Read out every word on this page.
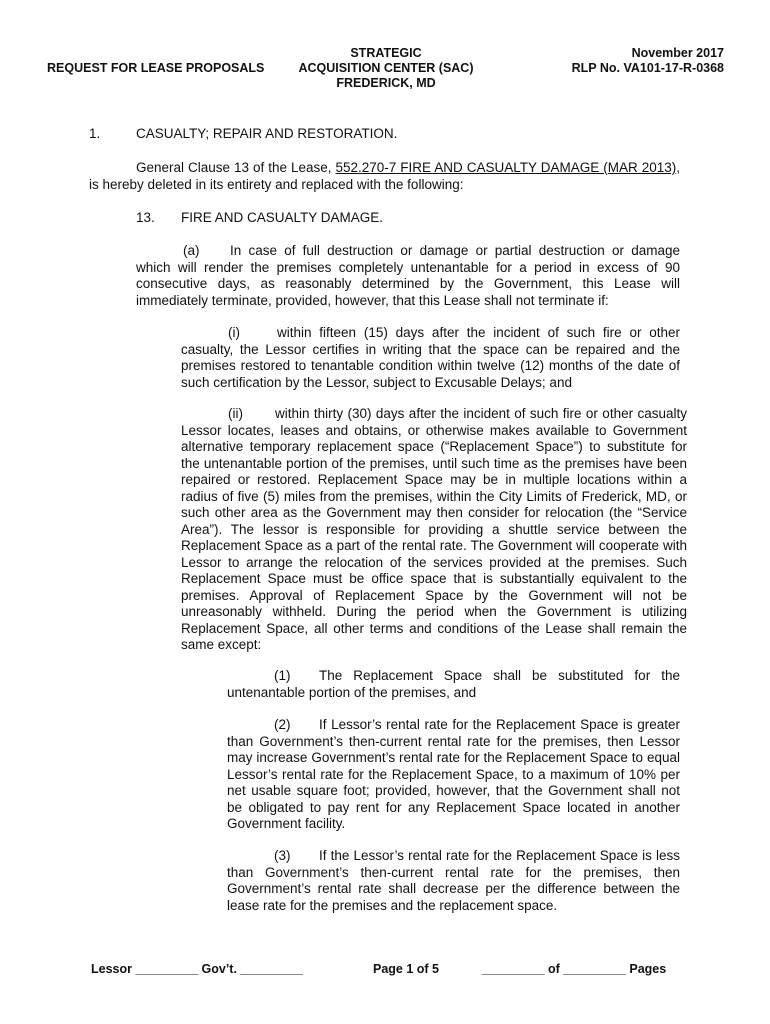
REQUEST FOR LEASE PROPOSALS
STRATEGIC
ACQUISITION CENTER (SAC)
FREDERICK, MD
November 2017
RLP No. VA101-17-R-0368
1.	CASUALTY; REPAIR AND RESTORATION.
General Clause 13 of the Lease, 552.270-7 FIRE AND CASUALTY DAMAGE (MAR 2013), is hereby deleted in its entirety and replaced with the following:
13. FIRE AND CASUALTY DAMAGE.
(a) In case of full destruction or damage or partial destruction or damage which will render the premises completely untenantable for a period in excess of 90 consecutive days, as reasonably determined by the Government, this Lease will immediately terminate, provided, however, that this Lease shall not terminate if:
(i)	within fifteen (15) days after the incident of such fire or other casualty, the Lessor certifies in writing that the space can be repaired and the premises restored to tenantable condition within twelve (12) months of the date of such certification by the Lessor, subject to Excusable Delays; and
(ii) within thirty (30) days after the incident of such fire or other casualty Lessor locates, leases and obtains, or otherwise makes available to Government alternative temporary replacement space (“Replacement Space”) to substitute for the untenantable portion of the premises, until such time as the premises have been repaired or restored. Replacement Space may be in multiple locations within a radius of five (5) miles from the premises, within the City Limits of Frederick, MD, or such other area as the Government may then consider for relocation (the “Service Area”). The lessor is responsible for providing a shuttle service between the Replacement Space as a part of the rental rate. The Government will cooperate with Lessor to arrange the relocation of the services provided at the premises. Such Replacement Space must be office space that is substantially equivalent to the premises. Approval of Replacement Space by the Government will not be unreasonably withheld. During the period when the Government is utilizing Replacement Space, all other terms and conditions of the Lease shall remain the same except:
(1) The Replacement Space shall be substituted for the untenantable portion of the premises, and
(2) If Lessor’s rental rate for the Replacement Space is greater than Government’s then-current rental rate for the premises, then Lessor may increase Government’s rental rate for the Replacement Space to equal Lessor’s rental rate for the Replacement Space, to a maximum of 10% per net usable square foot; provided, however, that the Government shall not be obligated to pay rent for any Replacement Space located in another Government facility.
(3) If the Lessor’s rental rate for the Replacement Space is less than Government’s then-current rental rate for the premises, then Government’s rental rate shall decrease per the difference between the lease rate for the premises and the replacement space.
Lessor _________ Gov’t. _________	Page 1 of 5	_________ of _________ Pages
